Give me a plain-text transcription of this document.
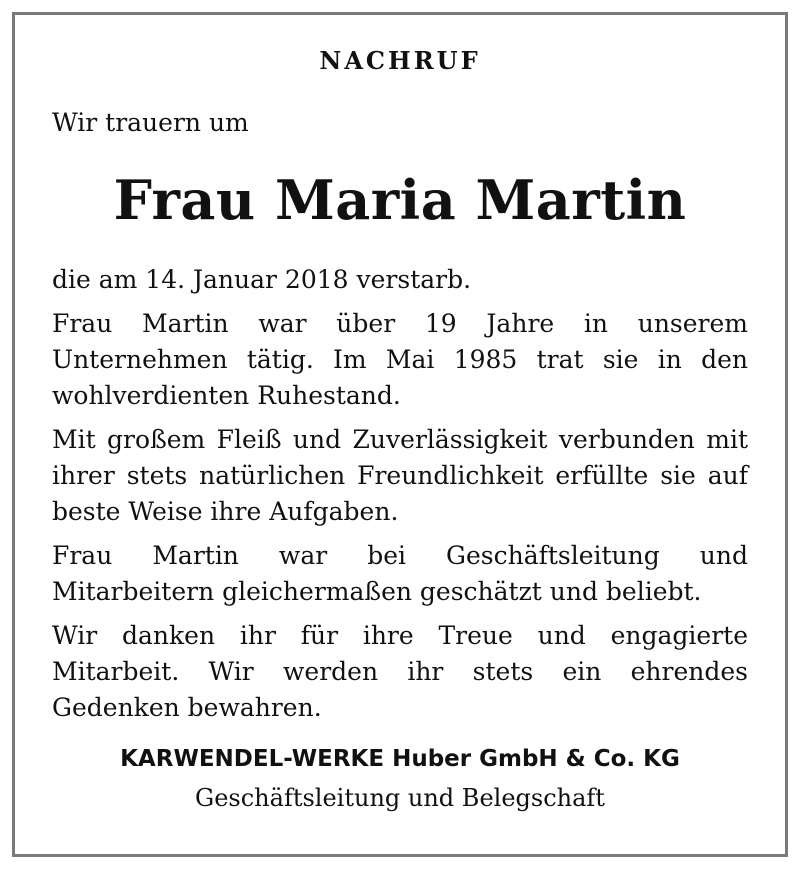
NACHRUF
Wir trauern um
Frau Maria Martin

die am 14. Januar 2018 verstarb.

Frau Martin war über 19 Jahre in unserem Unternehmen tätig. Im Mai 1985 trat sie in den wohlverdienten Ruhestand.

Mit großem Fleiß und Zuverlässigkeit verbunden mit ihrer stets natürlichen Freundlichkeit erfüllte sie auf beste Weise ihre Aufgaben.

Frau Martin war bei Geschäftsleitung und Mitarbeitern gleichermaßen geschätzt und beliebt.

Wir danken ihr für ihre Treue und engagierte Mitarbeit. Wir werden ihr stets ein ehrendes Gedenken bewahren.

KARWENDEL-WERKE Huber GmbH & Co. KG
Geschäftsleitung und Belegschaft
